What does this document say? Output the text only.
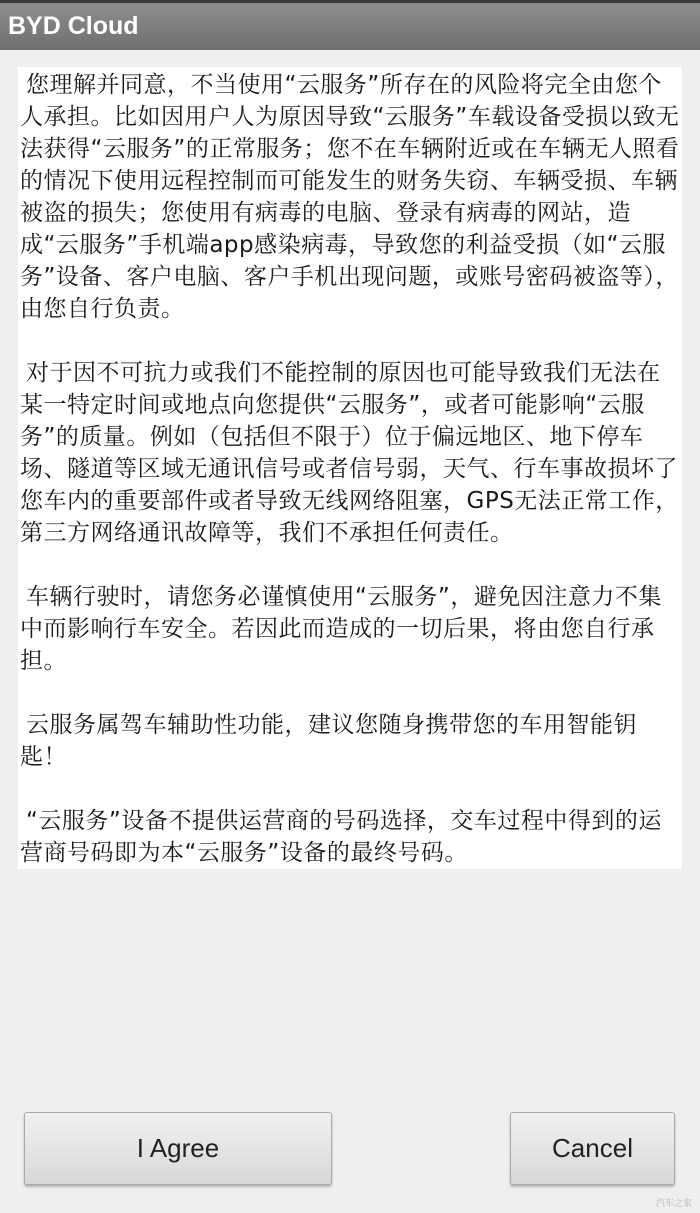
BYD Cloud

您理解并同意，不当使用“云服务”所存在的风险将完全由您个人承担。比如因用户人为原因导致“云服务”车载设备受损以致无法获得“云服务”的正常服务；您不在车辆附近或在车辆无人照看的情况下使用远程控制而可能发生的财务失窃、车辆受损、车辆被盗的损失；您使用有病毒的电脑、登录有病毒的网站，造成“云服务”手机端app感染病毒，导致您的利益受损（如“云服务”设备、客户电脑、客户手机出现问题，或账号密码被盗等），由您自行负责。

对于因不可抗力或我们不能控制的原因也可能导致我们无法在某一特定时间或地点向您提供“云服务”，或者可能影响“云服务”的质量。例如（包括但不限于）位于偏远地区、地下停车场、隧道等区域无通讯信号或者信号弱，天气、行车事故损坏了您车内的重要部件或者导致无线网络阻塞，GPS无法正常工作，第三方网络通讯故障等，我们不承担任何责任。

车辆行驶时，请您务必谨慎使用“云服务”，避免因注意力不集中而影响行车安全。若因此而造成的一切后果，将由您自行承担。

云服务属驾车辅助性功能，建议您随身携带您的车用智能钥匙！

“云服务”设备不提供运营商的号码选择，交车过程中得到的运营商号码即为本“云服务”设备的最终号码。

I Agree	Cancel
汽车之家
